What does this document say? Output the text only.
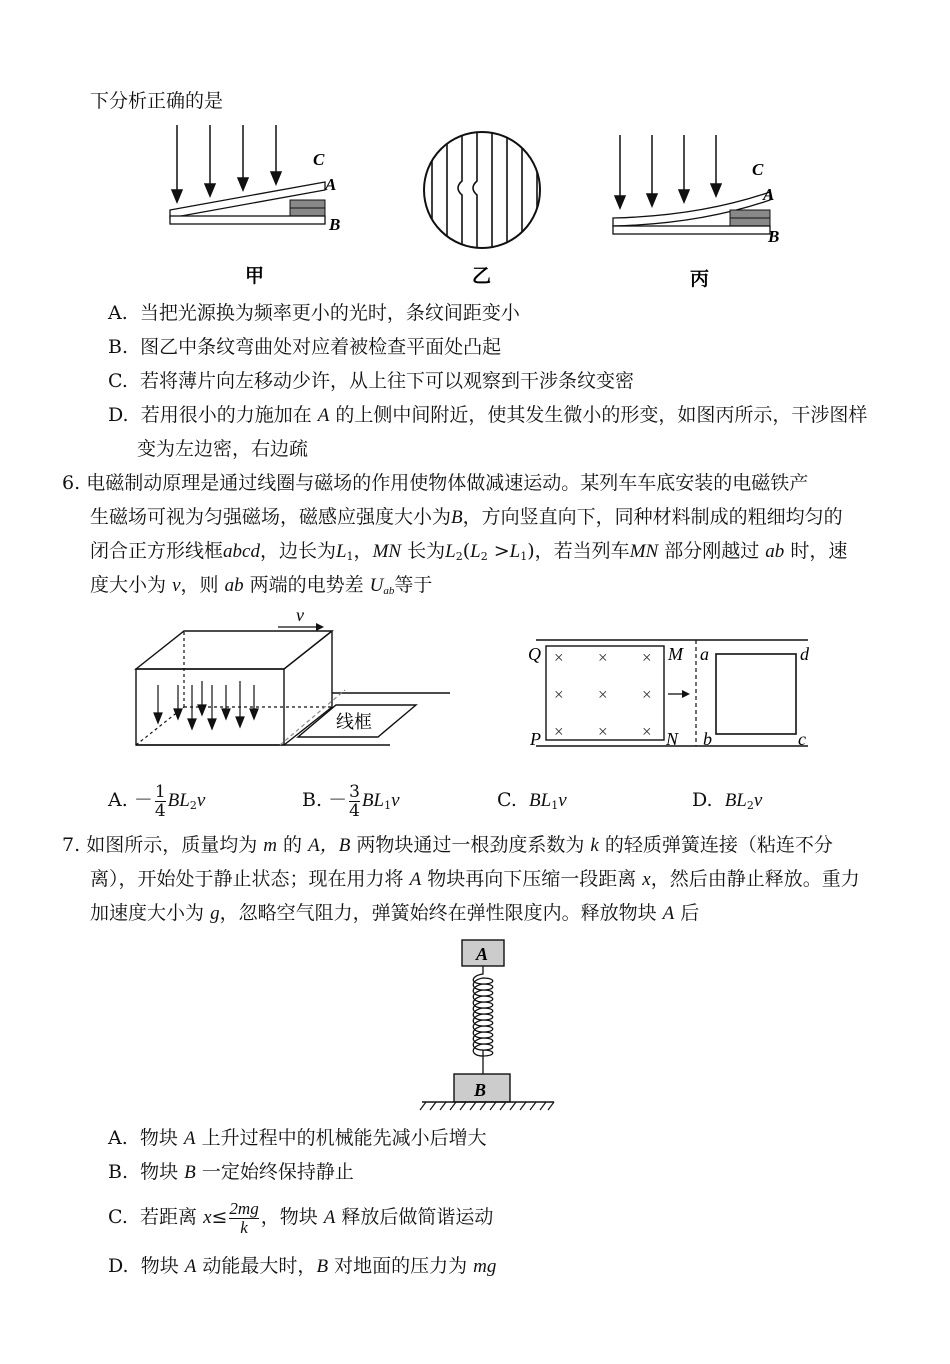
下分析正确的是
C
A
B
甲	乙
C
A
B
丙
A. 当把光源换为频率更小的光时，条纹间距变小
B. 图乙中条纹弯曲处对应着被检查平面处凸起
C. 若将薄片向左移动少许，从上往下可以观察到干涉条纹变密
D. 若用很小的力施加在 A 的上侧中间附近，使其发生微小的形变，如图丙所示，干涉图样
变为左边密，右边疏
6. 电磁制动原理是通过线圈与磁场的作用使物体做减速运动。某列车车底安装的电磁铁产
生磁场可视为匀强磁场，磁感应强度大小为B，方向竖直向下，同种材料制成的粗细均匀的
闭合正方形线框abcd，边长为$L_1$，MN 长为$L_2(L_2 >L_1)$，若当列车MN 部分刚越过 ab 时，速
度大小为 v，则 ab 两端的电势差 $U_{ab}$等于
v
线框
× × ×
× × ×
× × ×
Q	M
P	N
a	d
b	c
A. － $\frac{1}{4} BL_2v$	B. － $\frac{3}{4} BL_1v$	C. $BL_1v$	D. $BL_2v$
7. 如图所示，质量均为 m 的 A，B 两物块通过一根劲度系数为 k 的轻质弹簧连接（粘连不分
离），开始处于静止状态；现在用力将 A 物块再向下压缩一段距离 x，然后由静止释放。重力
加速度大小为 g，忽略空气阻力，弹簧始终在弹性限度内。释放物块 A 后
A
B
A. 物块 A 上升过程中的机械能先减小后增大
B. 物块 B 一定始终保持静止
C. 若距离 $x\le \frac{2mg}{k}$ ，物块 A 释放后做简谐运动
D. 物块 A 动能最大时，B 对地面的压力为 mg
